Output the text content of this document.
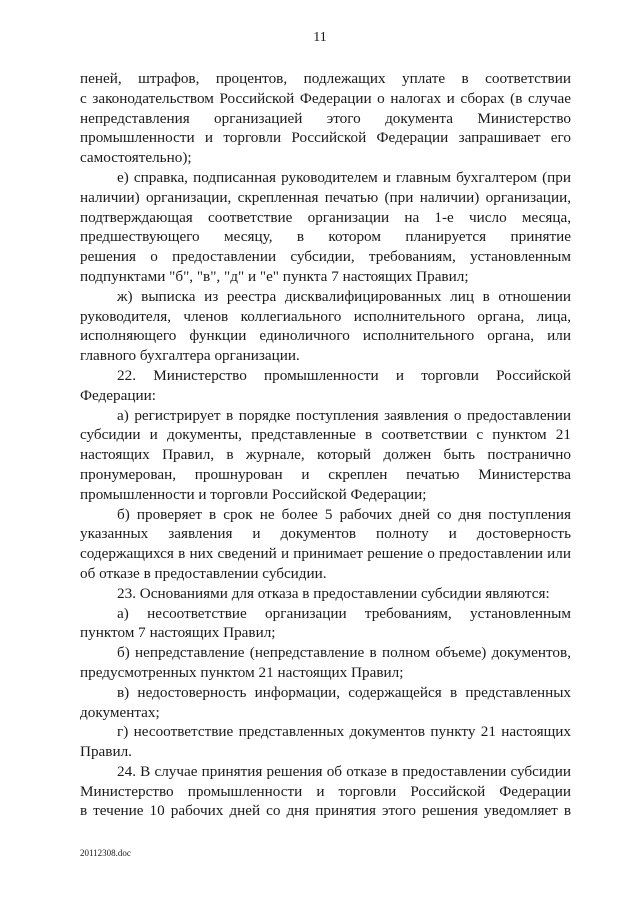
11
пеней, штрафов, процентов, подлежащих уплате в соответствии
с законодательством Российской Федерации о налогах и сборах (в случае
непредставления организацией этого документа Министерство
промышленности и торговли Российской Федерации запрашивает его
самостоятельно);
е) справка, подписанная руководителем и главным бухгалтером (при
наличии) организации, скрепленная печатью (при наличии) организации,
подтверждающая соответствие организации на 1-е число месяца,
предшествующего месяцу, в котором планируется принятие
решения о предоставлении субсидии, требованиям, установленным
подпунктами "б", "в", "д" и "е" пункта 7 настоящих Правил;
ж) выписка из реестра дисквалифицированных лиц в отношении
руководителя, членов коллегиального исполнительного органа, лица,
исполняющего функции единоличного исполнительного органа, или
главного бухгалтера организации.
22. Министерство промышленности и торговли Российской
Федерации:
а) регистрирует в порядке поступления заявления о предоставлении
субсидии и документы, представленные в соответствии с пунктом 21
настоящих Правил, в журнале, который должен быть постранично
пронумерован, прошнурован и скреплен печатью Министерства
промышленности и торговли Российской Федерации;
б) проверяет в срок не более 5 рабочих дней со дня поступления
указанных заявления и документов полноту и достоверность
содержащихся в них сведений и принимает решение о предоставлении или
об отказе в предоставлении субсидии.
23. Основаниями для отказа в предоставлении субсидии являются:
а) несоответствие организации требованиям, установленным
пунктом 7 настоящих Правил;
б) непредставление (непредставление в полном объеме) документов,
предусмотренных пунктом 21 настоящих Правил;
в) недостоверность информации, содержащейся в представленных
документах;
г) несоответствие представленных документов пункту 21 настоящих
Правил.
24. В случае принятия решения об отказе в предоставлении субсидии
Министерство промышленности и торговли Российской Федерации
в течение 10 рабочих дней со дня принятия этого решения уведомляет в
20112308.doc
